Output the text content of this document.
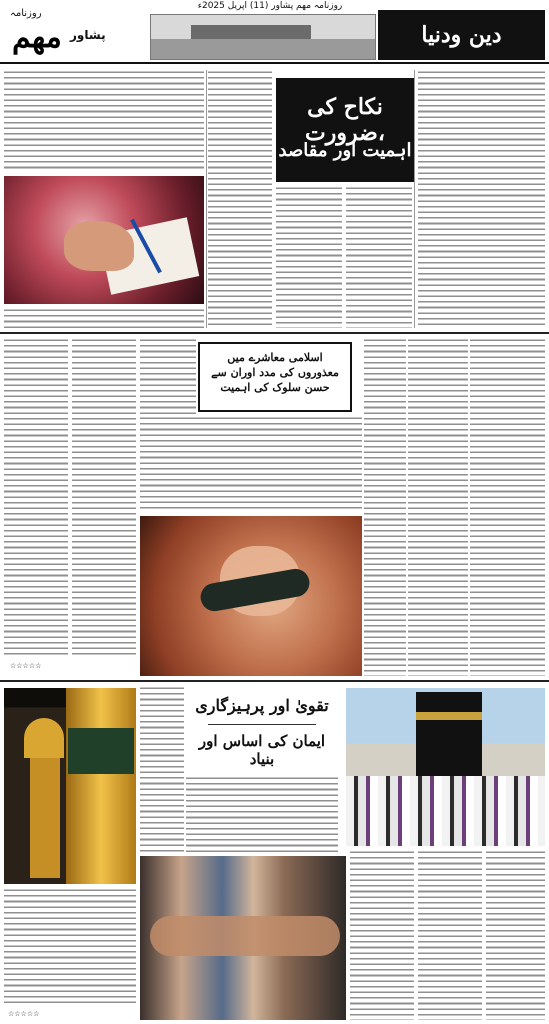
روزنامہ
مھم پشاور
روزنامہ مھم پشاور (11) اپریل 2025ء
دین ودنیا
نکاح کی ضرورت،
اہمیت اور مقاصد
☆☆☆☆☆
اسلامی معاشرے میں
معذوروں کی مدد اوران سے
حسن سلوک کی اہمیت
☆☆☆☆☆
تقویٰ اور پرہیزگاری
ایمان کی اساس اور بنیاد
